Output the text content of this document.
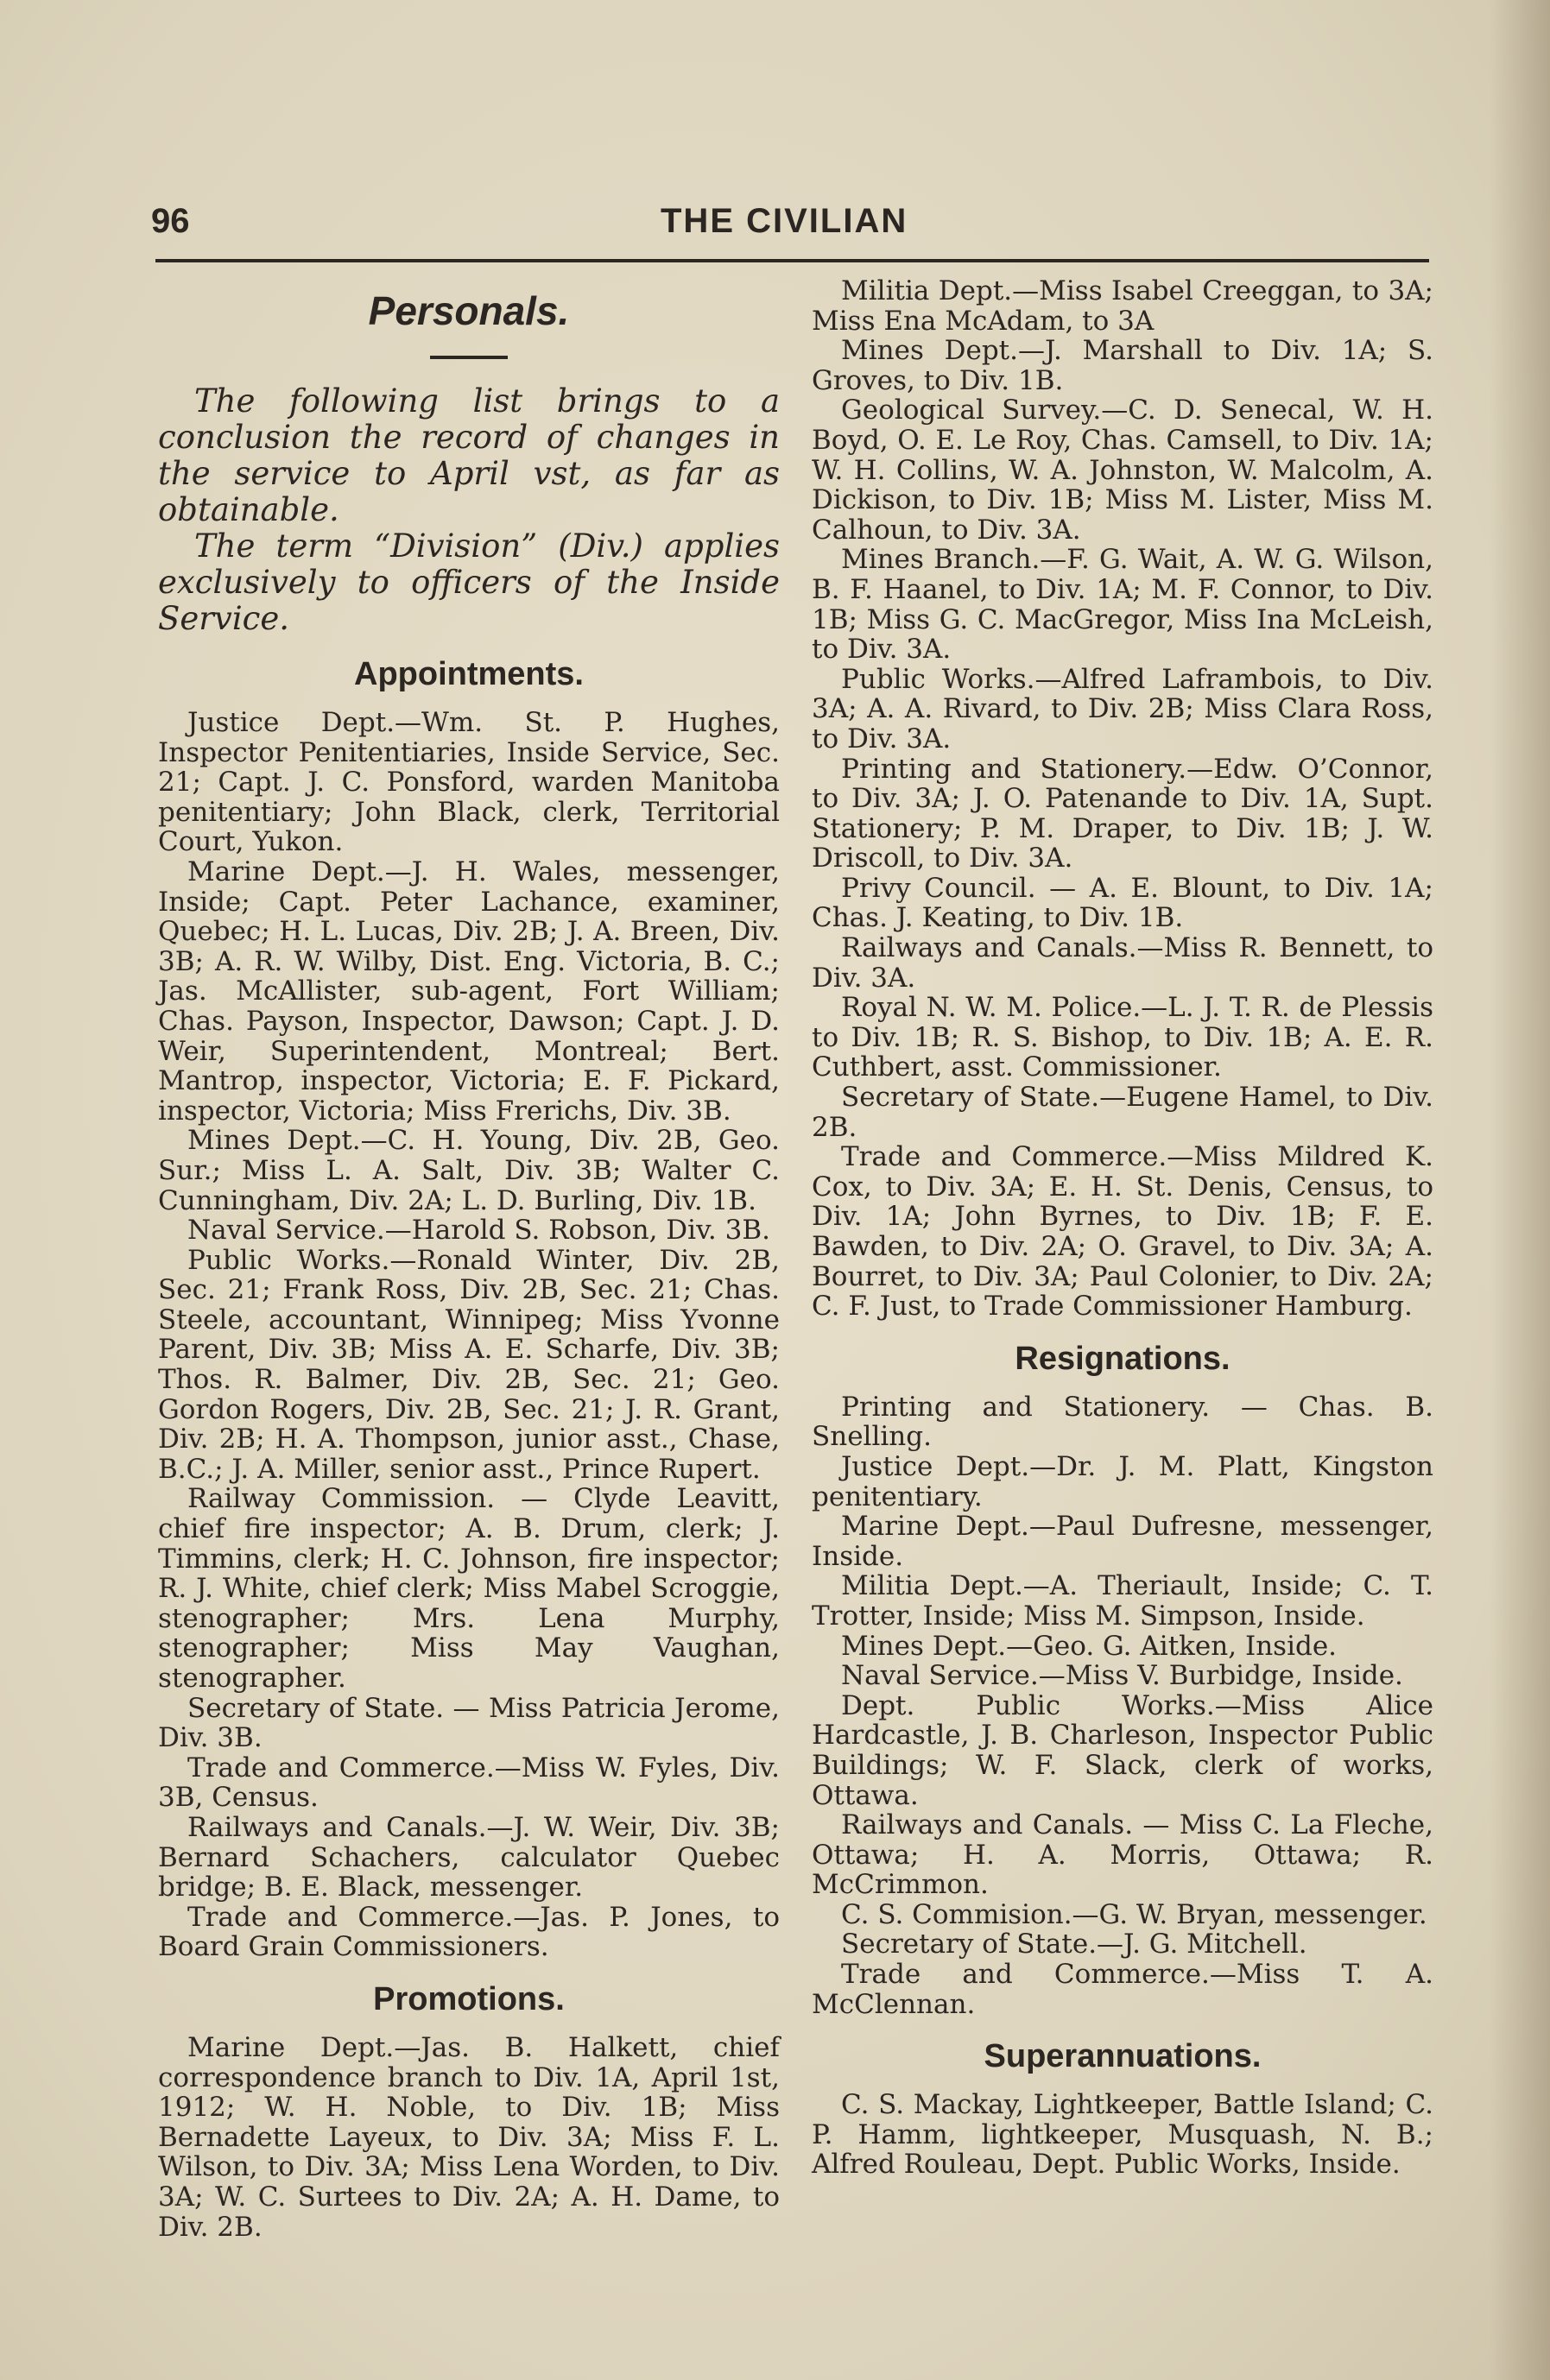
96	THE CIVILIAN
Personals.

The following list brings to a conclusion the record of changes in the service to April vst, as far as obtainable.

The term “Division” (Div.) applies exclusively to officers of the Inside Service.

Appointments.

Justice Dept.—Wm. St. P. Hughes, Inspector Penitentiaries, Inside Service, Sec. 21; Capt. J. C. Ponsford, warden Manitoba penitentiary; John Black, clerk, Territorial Court, Yukon.

Marine Dept.—J. H. Wales, messenger, Inside; Capt. Peter Lachance, examiner, Quebec; H. L. Lucas, Div. 2B; J. A. Breen, Div. 3B; A. R. W. Wilby, Dist. Eng. Victoria, B. C.; Jas. McAllister, sub-agent, Fort William; Chas. Payson, Inspector, Dawson; Capt. J. D. Weir, Superintendent, Montreal; Bert. Mantrop, inspector, Victoria; E. F. Pickard, inspector, Victoria; Miss Frerichs, Div. 3B.

Mines Dept.—C. H. Young, Div. 2B, Geo. Sur.; Miss L. A. Salt, Div. 3B; Walter C. Cunningham, Div. 2A; L. D. Burling, Div. 1B.

Naval Service.—Harold S. Robson, Div. 3B.

Public Works.—Ronald Winter, Div. 2B, Sec. 21; Frank Ross, Div. 2B, Sec. 21; Chas. Steele, accountant, Winnipeg; Miss Yvonne Parent, Div. 3B; Miss A. E. Scharfe, Div. 3B; Thos. R. Balmer, Div. 2B, Sec. 21; Geo. Gordon Rogers, Div. 2B, Sec. 21; J. R. Grant, Div. 2B; H. A. Thompson, junior asst., Chase, B.C.; J. A. Miller, senior asst., Prince Rupert.

Railway Commission. — Clyde Leavitt, chief fire inspector; A. B. Drum, clerk; J. Timmins, clerk; H. C. Johnson, fire inspector; R. J. White, chief clerk; Miss Mabel Scroggie, stenographer; Mrs. Lena Murphy, stenographer; Miss May Vaughan, stenographer.

Secretary of State. — Miss Patricia Jerome, Div. 3B.

Trade and Commerce.—Miss W. Fyles, Div. 3B, Census.

Railways and Canals.—J. W. Weir, Div. 3B; Bernard Schachers, calculator Quebec bridge; B. E. Black, messenger.

Trade and Commerce.—Jas. P. Jones, to Board Grain Commissioners.

Promotions.

Marine Dept.—Jas. B. Halkett, chief correspondence branch to Div. 1A, April 1st, 1912; W. H. Noble, to Div. 1B; Miss Bernadette Layeux, to Div. 3A; Miss F. L. Wilson, to Div. 3A; Miss Lena Worden, to Div. 3A; W. C. Surtees to Div. 2A; A. H. Dame, to Div. 2B.

Militia Dept.—Miss Isabel Creeggan, to 3A; Miss Ena McAdam, to 3A

Mines Dept.—J. Marshall to Div. 1A; S. Groves, to Div. 1B.

Geological Survey.—C. D. Senecal, W. H. Boyd, O. E. Le Roy, Chas. Camsell, to Div. 1A; W. H. Collins, W. A. Johnston, W. Malcolm, A. Dickison, to Div. 1B; Miss M. Lister, Miss M. Calhoun, to Div. 3A.

Mines Branch.—F. G. Wait, A. W. G. Wilson, B. F. Haanel, to Div. 1A; M. F. Connor, to Div. 1B; Miss G. C. MacGregor, Miss Ina McLeish, to Div. 3A.

Public Works.—Alfred Laframbois, to Div. 3A; A. A. Rivard, to Div. 2B; Miss Clara Ross, to Div. 3A.

Printing and Stationery.—Edw. O’Connor, to Div. 3A; J. O. Patenande to Div. 1A, Supt. Stationery; P. M. Draper, to Div. 1B; J. W. Driscoll, to Div. 3A.

Privy Council. — A. E. Blount, to Div. 1A; Chas. J. Keating, to Div. 1B.

Railways and Canals.—Miss R. Bennett, to Div. 3A.

Royal N. W. M. Police.—L. J. T. R. de Plessis to Div. 1B; R. S. Bishop, to Div. 1B; A. E. R. Cuthbert, asst. Commissioner.

Secretary of State.—Eugene Hamel, to Div. 2B.

Trade and Commerce.—Miss Mildred K. Cox, to Div. 3A; E. H. St. Denis, Census, to Div. 1A; John Byrnes, to Div. 1B; F. E. Bawden, to Div. 2A; O. Gravel, to Div. 3A; A. Bourret, to Div. 3A; Paul Colonier, to Div. 2A; C. F. Just, to Trade Commissioner Hamburg.

Resignations.

Printing and Stationery. — Chas. B. Snelling.

Justice Dept.—Dr. J. M. Platt, Kingston penitentiary.

Marine Dept.—Paul Dufresne, messenger, Inside.

Militia Dept.—A. Theriault, Inside; C. T. Trotter, Inside; Miss M. Simpson, Inside.

Mines Dept.—Geo. G. Aitken, Inside.

Naval Service.—Miss V. Burbidge, Inside.

Dept. Public Works.—Miss Alice Hardcastle, J. B. Charleson, Inspector Public Buildings; W. F. Slack, clerk of works, Ottawa.

Railways and Canals. — Miss C. La Fleche, Ottawa; H. A. Morris, Ottawa; R. McCrimmon.

C. S. Commision.—G. W. Bryan, messenger.

Secretary of State.—J. G. Mitchell.

Trade and Commerce.—Miss T. A. McClennan.

Superannuations.

C. S. Mackay, Lightkeeper, Battle Island; C. P. Hamm, lightkeeper, Musquash, N. B.; Alfred Rouleau, Dept. Public Works, Inside.
